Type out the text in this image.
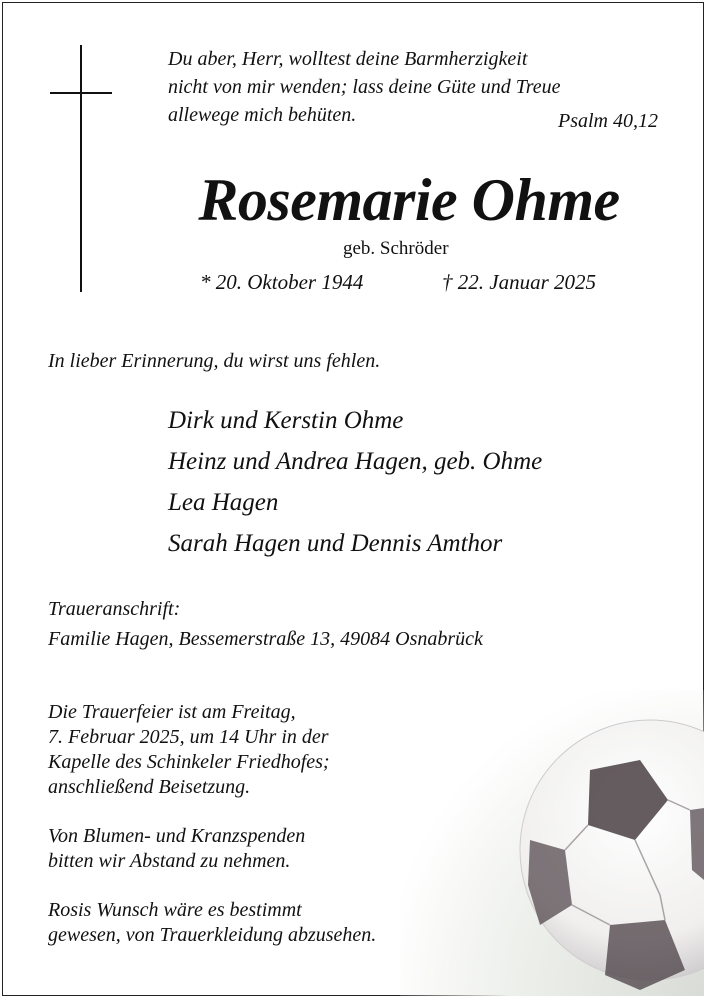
Du aber, Herr, wolltest deine Barmherzigkeit
nicht von mir wenden; lass deine Güte und Treue
allewege mich behüten.	Psalm 40,12

Rosemarie Ohme

geb. Schröder

* 20. Oktober 1944	† 22. Januar 2025

In lieber Erinnerung, du wirst uns fehlen.

Dirk und Kerstin Ohme
Heinz und Andrea Hagen, geb. Ohme
Lea Hagen
Sarah Hagen und Dennis Amthor

Traueranschrift:

Familie Hagen, Bessemerstraße 13, 49084 Osnabrück

Die Trauerfeier ist am Freitag,
7. Februar 2025, um 14 Uhr in der
Kapelle des Schinkeler Friedhofes;
anschließend Beisetzung.
Von Blumen- und Kranzspenden
bitten wir Abstand zu nehmen.
Rosis Wunsch wäre es bestimmt
gewesen, von Trauerkleidung abzusehen.
